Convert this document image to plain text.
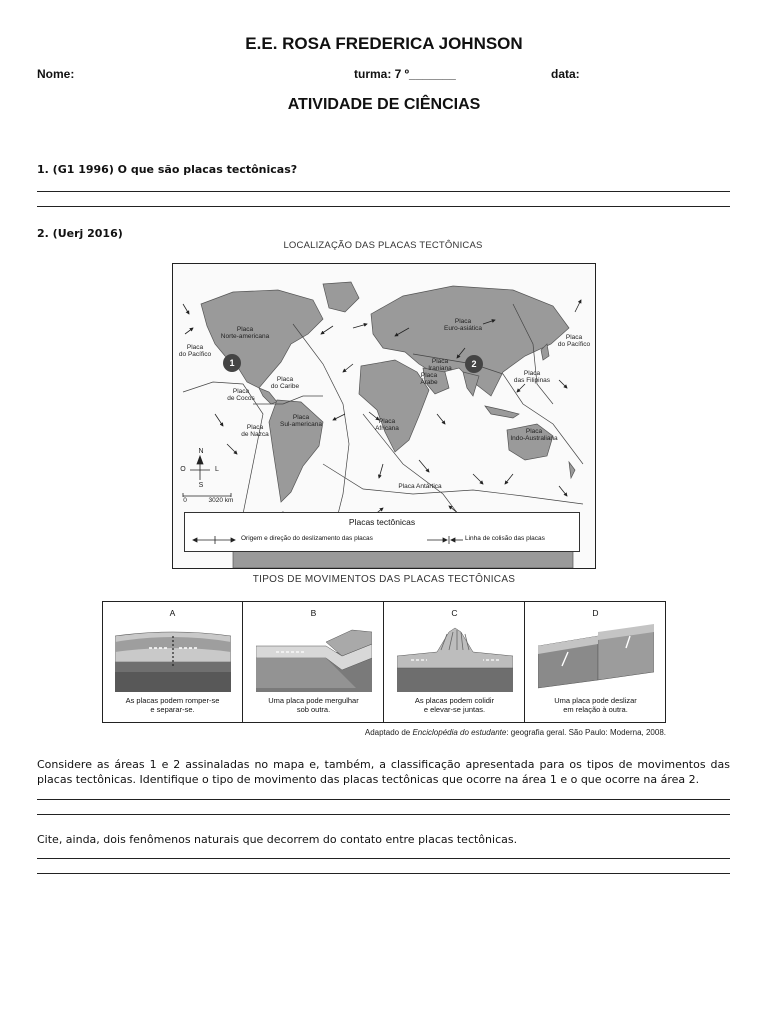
E.E. ROSA FREDERICA JOHNSON
Nome:	turma: 7 º_______	data:
ATIVIDADE DE CIÊNCIAS
1. (G1 1996) O que são placas tectônicas?
2. (Uerj 2016)
LOCALIZAÇÃO DAS PLACAS TECTÔNICAS
1	2
Placa
do Pacífico
Placa
Norte-americana
Placa
Euro-asiática
Placa
do Pacífico
Placa
Iraniana
Placa
Árabe
Placa
das Filipinas
Placa
do Caribe
Placa
de Cocos
Placa
de Nazca
Placa
Sul-americana	Placa
Africana	Placa
Indo-Australiana
Placa Antártica
N
S
O	L
0	3020 km
Placas tectônicas
Origem e direção do deslizamento das placas	Linha de colisão das placas
TIPOS DE MOVIMENTOS DAS PLACAS TECTÔNICAS
A
As placas podem romper-se
e separar-se.
B
Uma placa pode mergulhar
sob outra.
C
As placas podem colidir
e elevar-se juntas.
D
Uma placa pode deslizar
em relação à outra.
Adaptado de Enciclopédia do estudante: geografia geral. São Paulo: Moderna, 2008.
Considere as áreas 1 e 2 assinaladas no mapa e, também, a classificação apresentada para os tipos de movimentos das placas tectônicas. Identifique o tipo de movimento das placas tectônicas que ocorre na área 1 e o que ocorre na área 2.
Cite, ainda, dois fenômenos naturais que decorrem do contato entre placas tectônicas.
